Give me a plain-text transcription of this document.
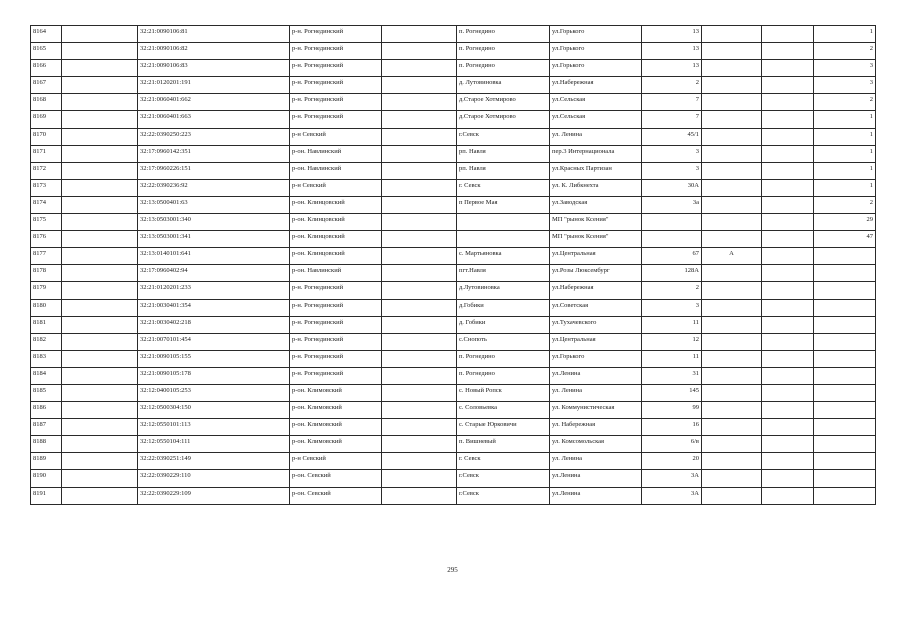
8164		32:21:0090106:81	р-н. Рогнединский		п. Рогнедино	ул.Горького	13			1
8165		32:21:0090106:82	р-н. Рогнединский		п. Рогнедино	ул.Горького	13			2
8166		32:21:0090106:83	р-н. Рогнединский		п. Рогнедино	ул.Горького	13			3
8167		32:21:0120201:191	р-н. Рогнединский		д. Лутовиновка	ул.Набережная	2			3
8168		32:21:0060401:662	р-н. Рогнединский		д.Старое Хотмирово	ул.Сельская	7			2
8169		32:21:0060401:663	р-н. Рогнединский		д.Старое Хотмирово	ул.Сельская	7			1
8170		32:22:0390250:223	р-н Севский		г.Севск	ул. Ленина	45/1			1
8171		32:17:0960142:351	р-он. Навлинский		рп. Навля	пер.3 Интернационала	3			1
8172		32:17:0960226:151	р-он. Навлинский		рп. Навля	ул.Красных Партизан	3			1
8173		32:22:0390236:92	р-н Севский		г. Севск	ул. К. Либкнехта	30А			1
8174		32:13:0500401:63	р-он. Клинцовский		п Первое Мая	ул.Заводская	3а			2
8175		32:13:0503001:340	р-он. Клинцовский			МП "рынок Ксения"				29
8176		32:13:0503001:341	р-он. Клинцовский			МП "рынок Ксения"				47
8177		32:13:0140101:641	р-он. Клинцовский		с. Мартьяновка	ул.Центральная	67	А		
8178		32:17:0960402:94	р-он. Навлинский		пгт.Навля	ул.Розы Люксембург	128А			
8179		32:21:0120201:233	р-н. Рогнединский		д.Лутовиновка	ул.Набережная	2			
8180		32:21:0030401:354	р-н. Рогнединский		д.Гобики	ул.Советская	3			
8181		32:21:0030402:218	р-н. Рогнединский		д. Гобики	ул.Тухачевского	11			
8182		32:21:0070101:454	р-н. Рогнединский		с.Снопоть	ул.Центральная	12			
8183		32:21:0090105:155	р-н. Рогнединский		п. Рогнедино	ул.Горького	11			
8184		32:21:0090105:178	р-н. Рогнединский		п. Рогнедино	ул.Ленина	31			
8185		32:12:0400105:253	р-он. Климовский		с. Новый Ропск	ул. Ленина	145			
8186		32:12:0500304:150	р-он. Климовский		с. Соловьевка	ул. Коммунистическая	99			
8187		32:12:0550101:113	р-он. Климовский		с. Старые Юрковичи	ул. Набережная	16			
8188		32:12:0550104:111	р-он. Климовский		п. Вишневый	ул. Комсомольская	6/в			
8189		32:22:0390251:149	р-н Севский		г. Севск	ул. Ленина	20			
8190		32:22:0390229:110	р-он. Севский		г.Севск	ул.Ленина	3А			
8191		32:22:0390229:109	р-он. Севский		г.Севск	ул.Ленина	3А			
295
